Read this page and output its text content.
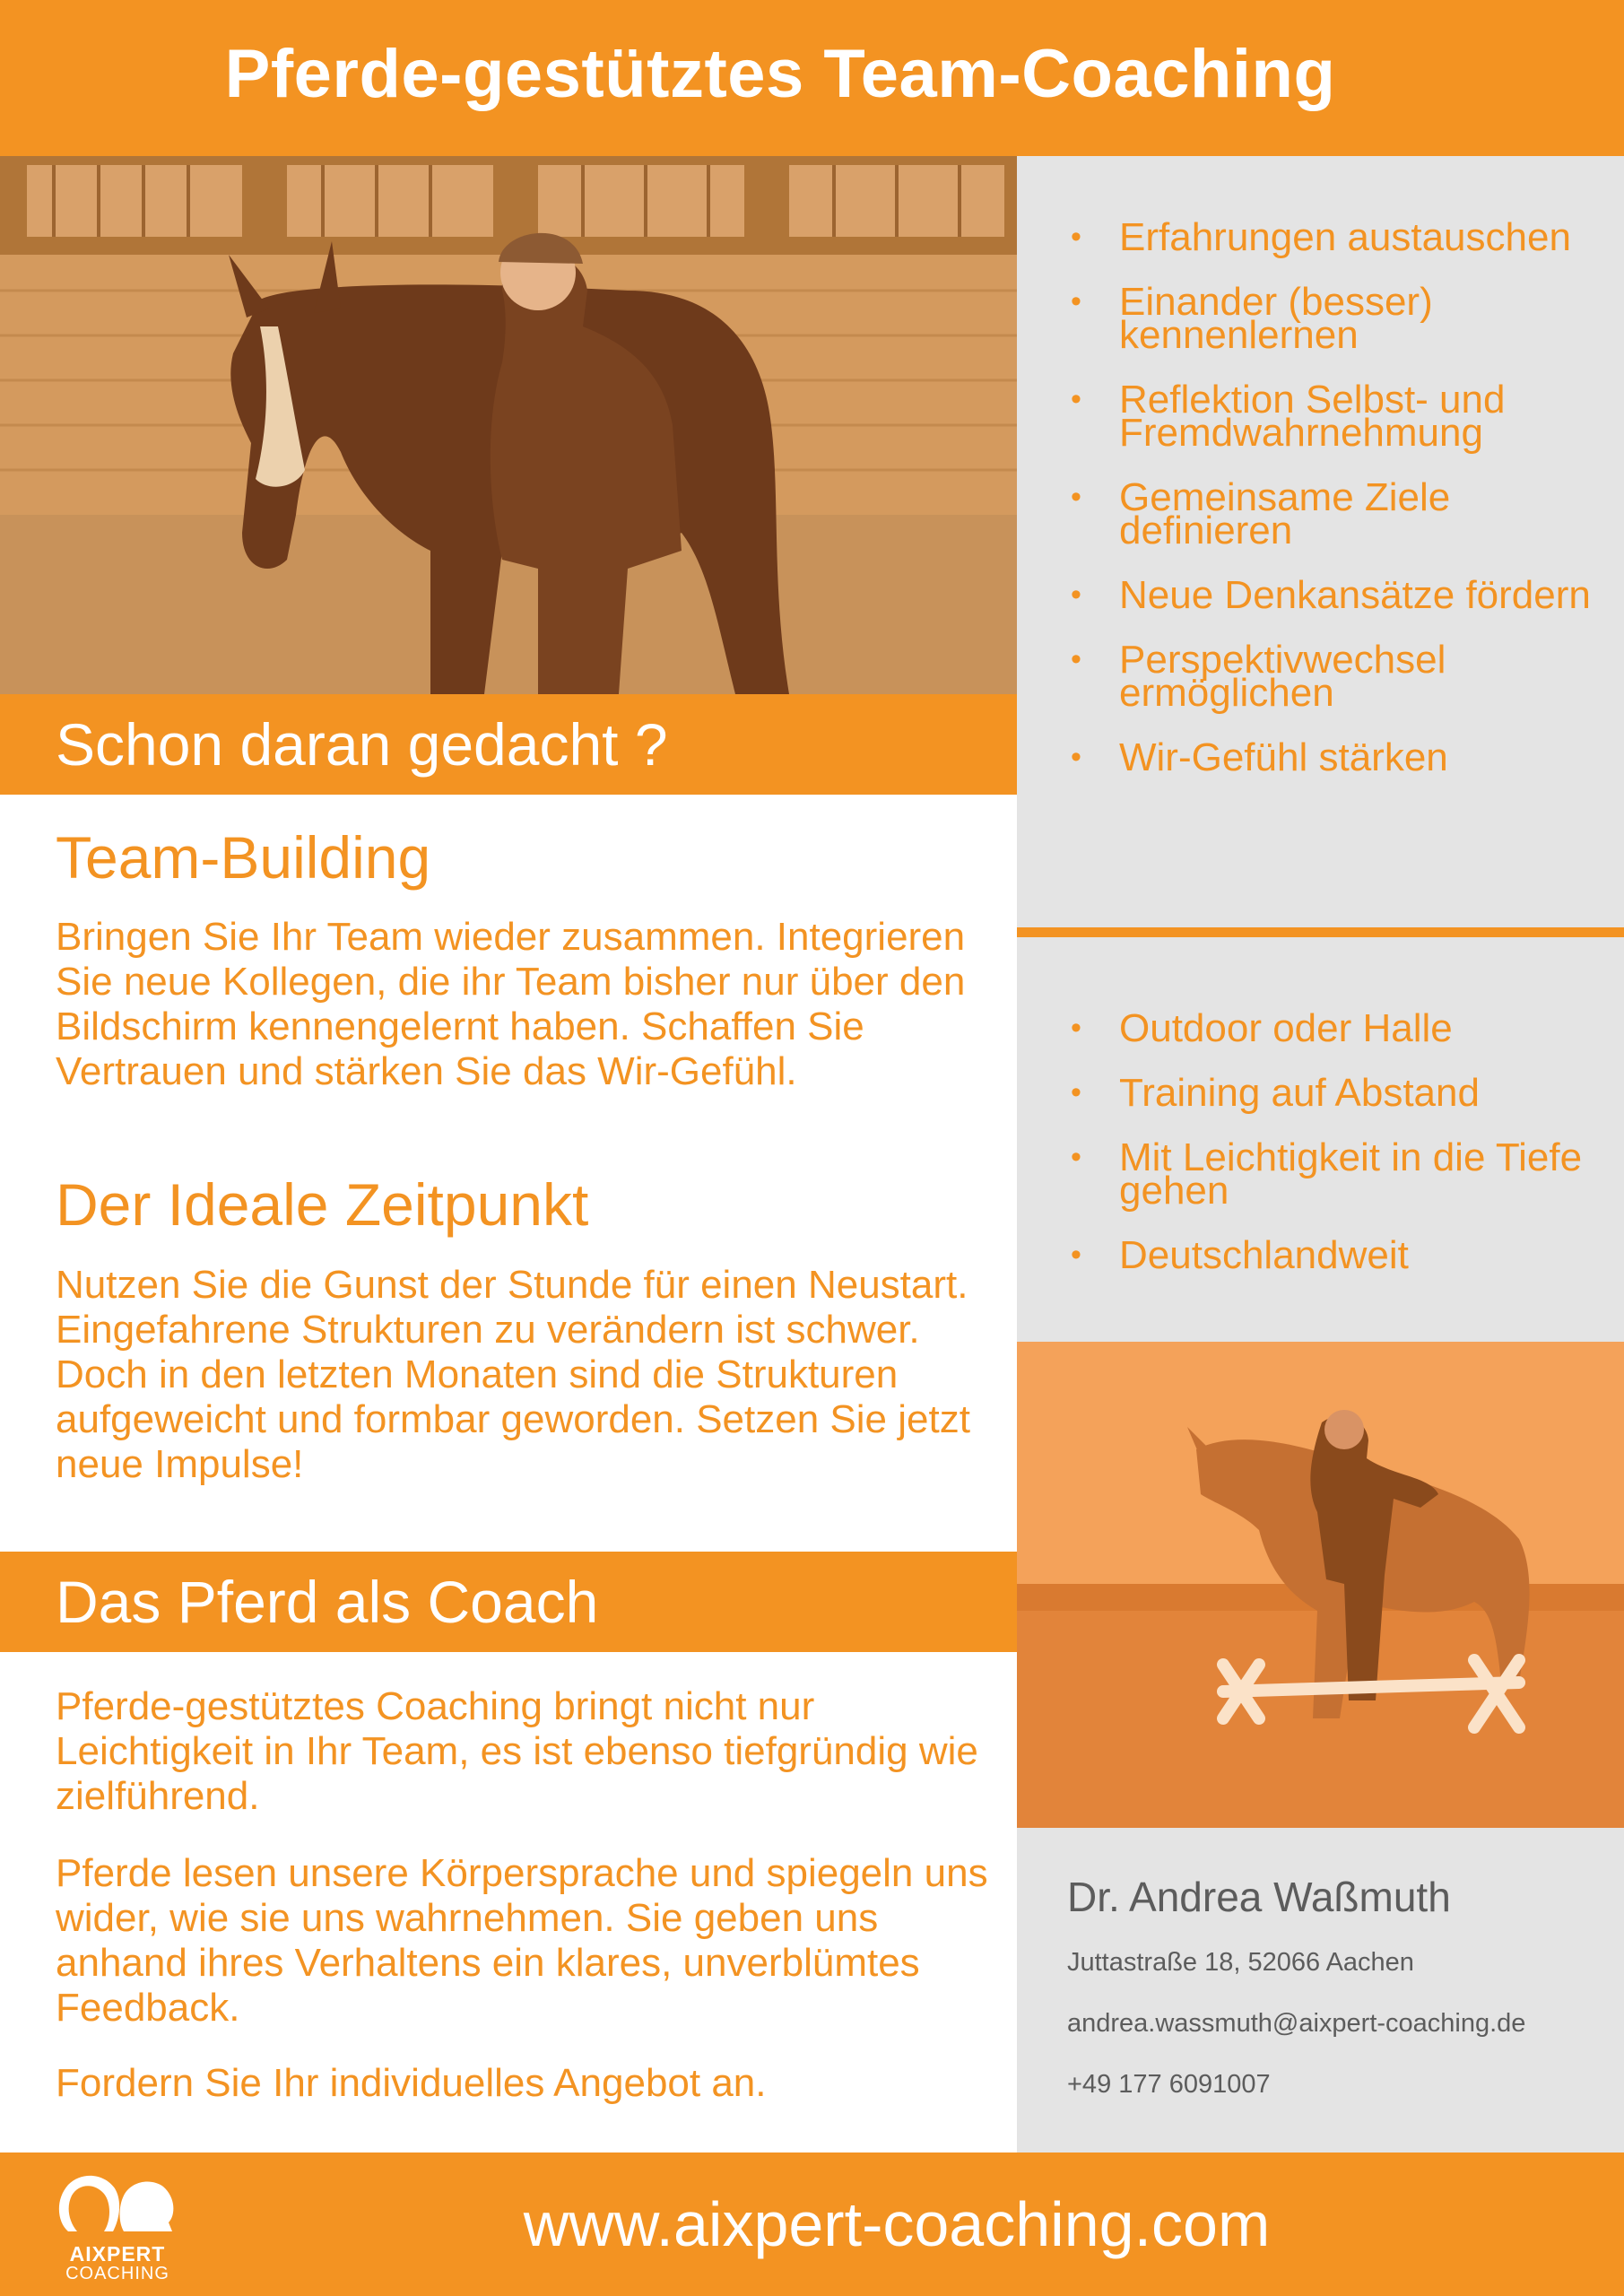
Pferde-gestütztes Team-Coaching
Schon daran gedacht ?
Team-Building
Bringen Sie Ihr Team wieder zusammen. Integrieren Sie neue Kollegen, die ihr Team bisher nur über den Bildschirm kennengelernt haben. Schaffen Sie Vertrauen und stärken Sie das Wir-Gefühl.
Der Ideale Zeitpunkt
Nutzen Sie die Gunst der Stunde für einen Neustart. Eingefahrene Strukturen zu verändern ist schwer. Doch in den letzten Monaten sind die Strukturen aufgeweicht und formbar geworden. Setzen Sie jetzt neue Impulse!
Das Pferd als Coach
Pferde-gestütztes Coaching bringt nicht nur Leichtigkeit in Ihr Team, es ist ebenso tiefgründig wie zielführend.
Pferde lesen unsere Körpersprache und spiegeln uns wider, wie sie uns wahrnehmen. Sie geben uns anhand ihres Verhaltens ein klares, unverblümtes Feedback.
Fordern Sie Ihr individuelles Angebot an.
• Erfahrungen austauschen
• Einander (besser) kennenlernen
• Reflektion Selbst- und Fremdwahrnehmung
• Gemeinsame Ziele definieren
• Neue Denkansätze fördern
• Perspektivwechsel ermöglichen
• Wir-Gefühl stärken
• Outdoor oder Halle
• Training auf Abstand
• Mit Leichtigkeit in die Tiefe gehen
• Deutschlandweit
Dr. Andrea Waßmuth
Juttastraße 18, 52066 Aachen
andrea.wassmuth@aixpert-coaching.de
+49 177 6091007
AIXPERT
COACHING
www.aixpert-coaching.com
